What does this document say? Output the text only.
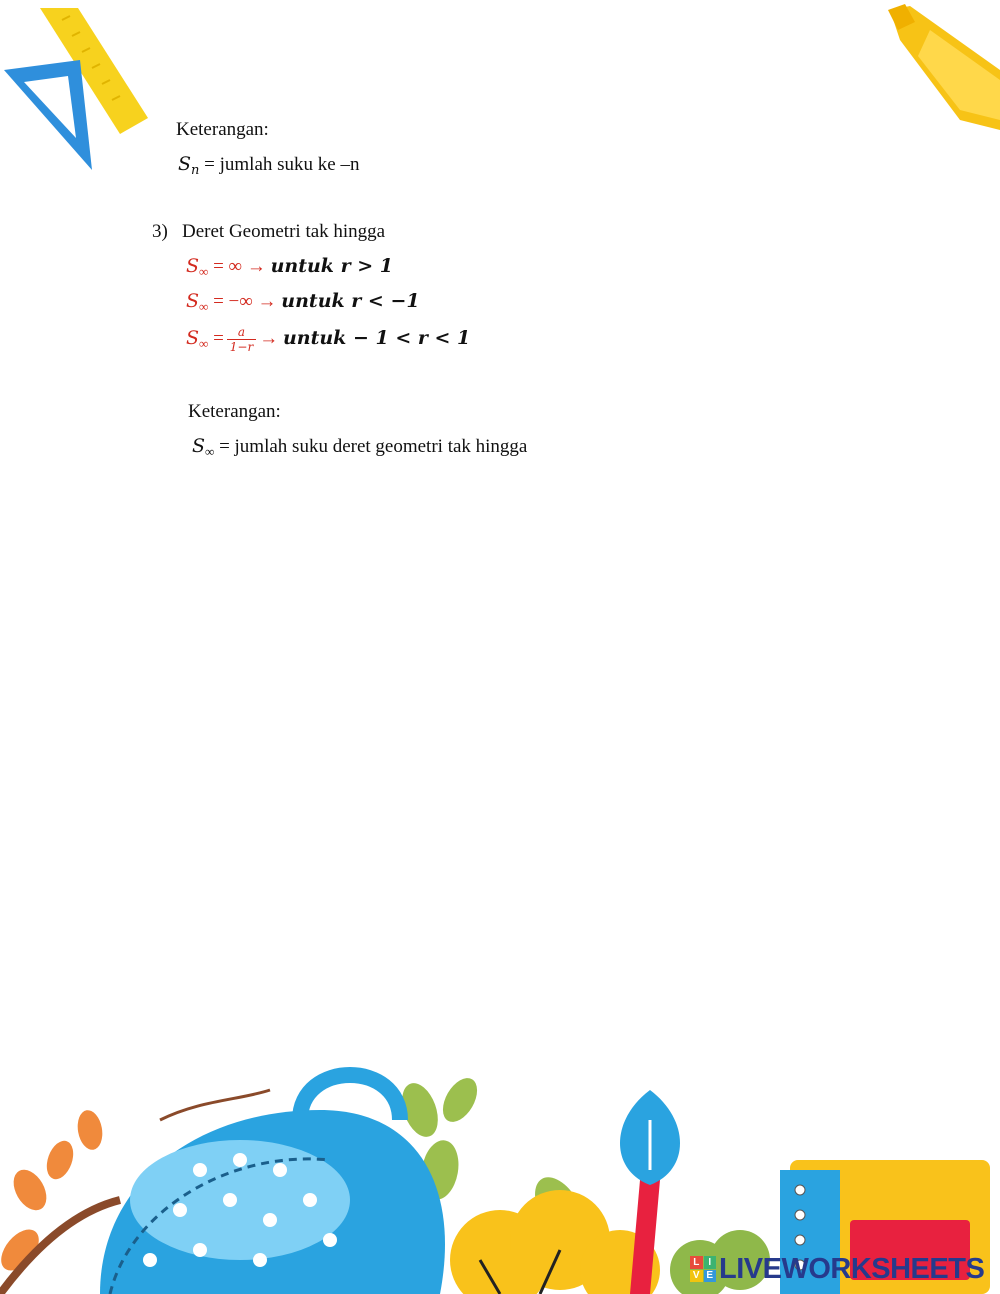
Keterangan:
$S_n$ = jumlah suku ke –n
3) Deret Geometri tak hingga
$S_\infty$ = ∞ → untuk r > 1
$S_\infty$ = −∞ → untuk r < −1
$S_\infty = \frac{a}{1-r}$ → untuk − 1 < r < 1
Keterangan:
$S_\infty$ = jumlah suku deret geometri tak hingga
L I
V E LIVEWORKSHEETS
